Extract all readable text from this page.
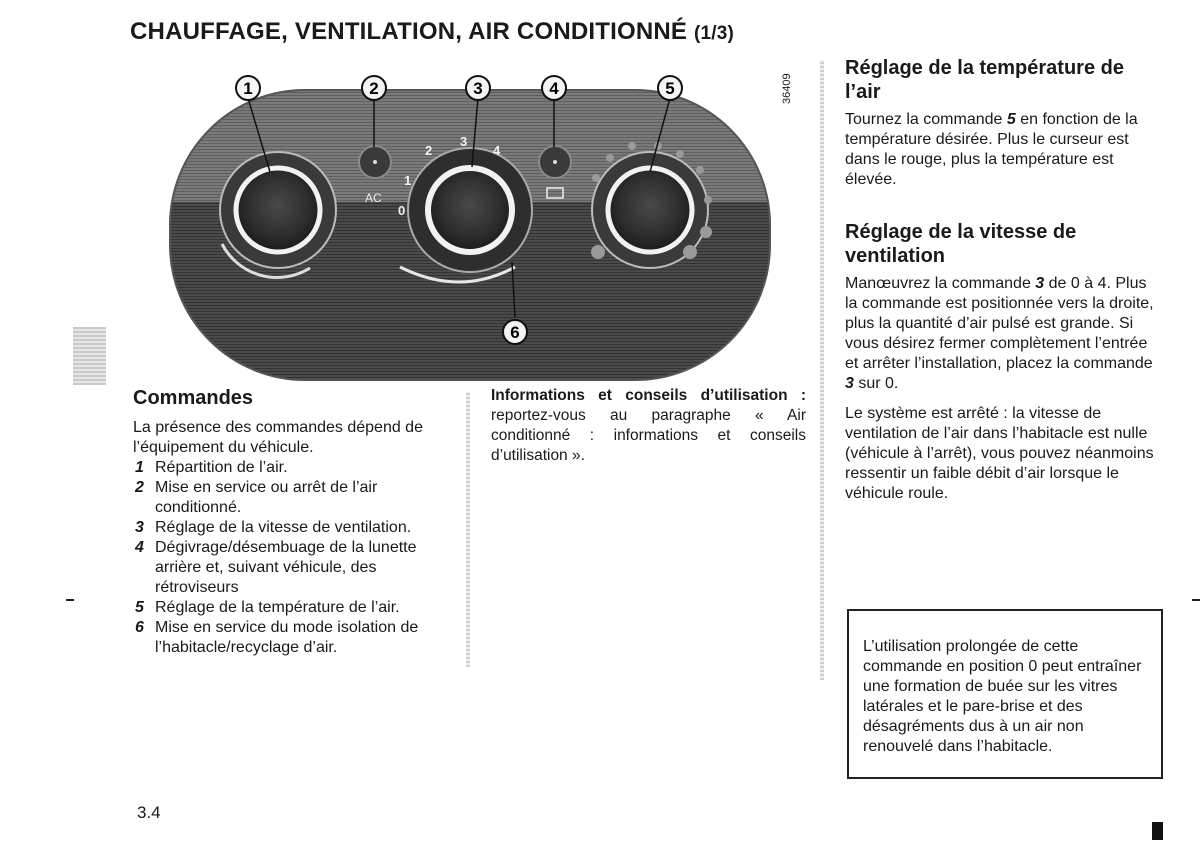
CHAUFFAGE, VENTILATION, AIR CONDITIONNÉ (1/3)
36409
AC
0
1
2
3
4
1	2	3	4	5
6
Commandes

La présence des commandes dépend de l’équipement du véhicule.

1 Répartition de l’air.
2 Mise en service ou arrêt de l’air conditionné.
3 Réglage de la vitesse de ventilation.
4 Dégivrage/désembuage de la lunette arrière et, suivant véhicule, des rétroviseurs
5 Réglage de la température de l’air.
6 Mise en service du mode isolation de l’habitacle/recyclage d’air.
Informations et conseils d’utilisation : reportez-vous au paragraphe « Air conditionné : informations et conseils d’utilisation ».
Réglage de la température de l’air

Tournez la commande 5 en fonction de la température désirée. Plus le curseur est dans le rouge, plus la température est élevée.

Réglage de la vitesse de ventilation

Manœuvrez la commande 3 de 0 à 4. Plus la commande est positionnée vers la droite, plus la quantité d’air pulsé est grande. Si vous désirez fermer complètement l’entrée et arrêter l’installation, placez la commande 3 sur 0.

Le système est arrêté : la vitesse de ventilation de l’air dans l’habitacle est nulle (véhicule à l’arrêt), vous pouvez néanmoins ressentir un faible débit d’air lorsque le véhicule roule.

L’utilisation prolongée de cette commande en position 0 peut entraîner une formation de buée sur les vitres latérales et le pare-brise et des désagréments dus à un air non renouvelé dans l’habitacle.
3.4
